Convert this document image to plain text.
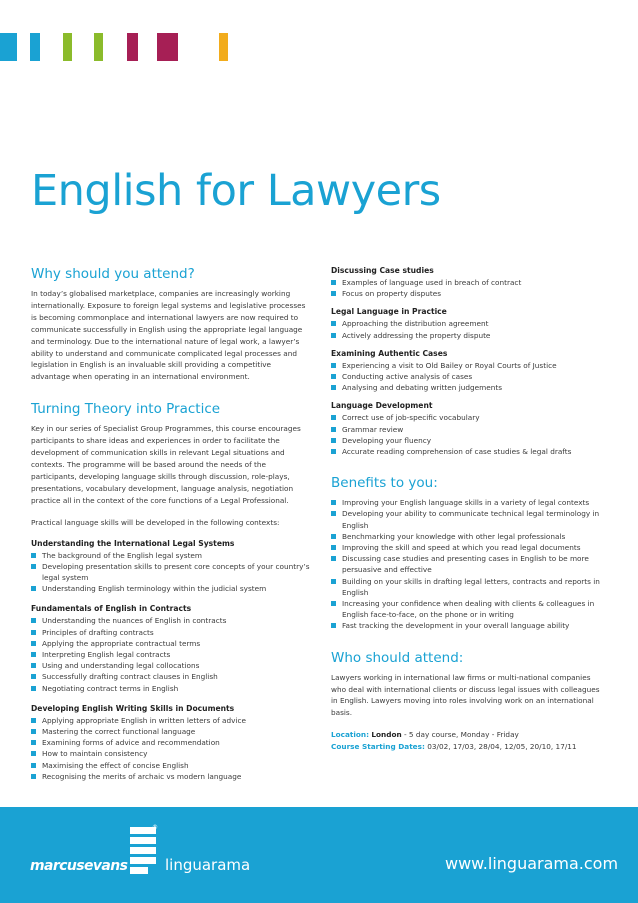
English for Lawyers
Why should you attend?

In today’s globalised marketplace, companies are increasingly working internationally. Exposure to foreign legal systems and legislative processes is becoming commonplace and international lawyers are now required to communicate successfully in English using the appropriate legal language and terminology. Due to the international nature of legal work, a lawyer’s ability to understand and communicate complicated legal processes and legislation in English is an invaluable skill providing a competitive advantage when operating in an international environment.

Turning Theory into Practice

Key in our series of Specialist Group Programmes, this course encourages participants to share ideas and experiences in order to facilitate the development of communication skills in relevant Legal situations and contexts. The programme will be based around the needs of the participants, developing language skills through discussion, role-plays, presentations, vocabulary development, language analysis, negotiation practice all in the context of the core functions of a Legal Professional.

Practical language skills will be developed in the following contexts:

Understanding the International Legal Systems
The background of the English legal system
Developing presentation skills to present core concepts of your country’s legal system
Understanding English terminology within the judicial system
Fundamentals of English in Contracts
Understanding the nuances of English in contracts
Principles of drafting contracts
Applying the appropriate contractual terms
Interpreting English legal contracts
Using and understanding legal collocations
Successfully drafting contract clauses in English
Negotiating contract terms in English
Developing English Writing Skills in Documents
Applying appropriate English in written letters of advice
Mastering the correct functional language
Examining forms of advice and recommendation
How to maintain consistency
Maximising the effect of concise English
Recognising the merits of archaic vs modern language
Discussing Case studies
Examples of language used in breach of contract
Focus on property disputes
Legal Language in Practice
Approaching the distribution agreement
Actively addressing the property dispute
Examining Authentic Cases
Experiencing a visit to Old Bailey or Royal Courts of Justice
Conducting active analysis of cases
Analysing and debating written judgements
Language Development
Correct use of job-specific vocabulary
Grammar review
Developing your fluency
Accurate reading comprehension of case studies & legal drafts
Benefits to you:
Improving your English language skills in a variety of legal contexts
Developing your ability to communicate technical legal terminology in English
Benchmarking your knowledge with other legal professionals
Improving the skill and speed at which you read legal documents
Discussing case studies and presenting cases in English to be more persuasive and effective
Building on your skills in drafting legal letters, contracts and reports in English
Increasing your confidence when dealing with clients & colleagues in English face-to-face, on the phone or in writing
Fast tracking the development in your overall language ability
Who should attend:

Lawyers working in international law firms or multi-national companies who deal with international clients or discuss legal issues with colleagues in English. Lawyers moving into roles involving work on an international basis.

Location: London - 5 day course, Monday - Friday

Course Starting Dates: 03/02, 17/03, 28/04, 12/05, 20/10, 17/11

®
marcusevans	linguarama	www.linguarama.com
